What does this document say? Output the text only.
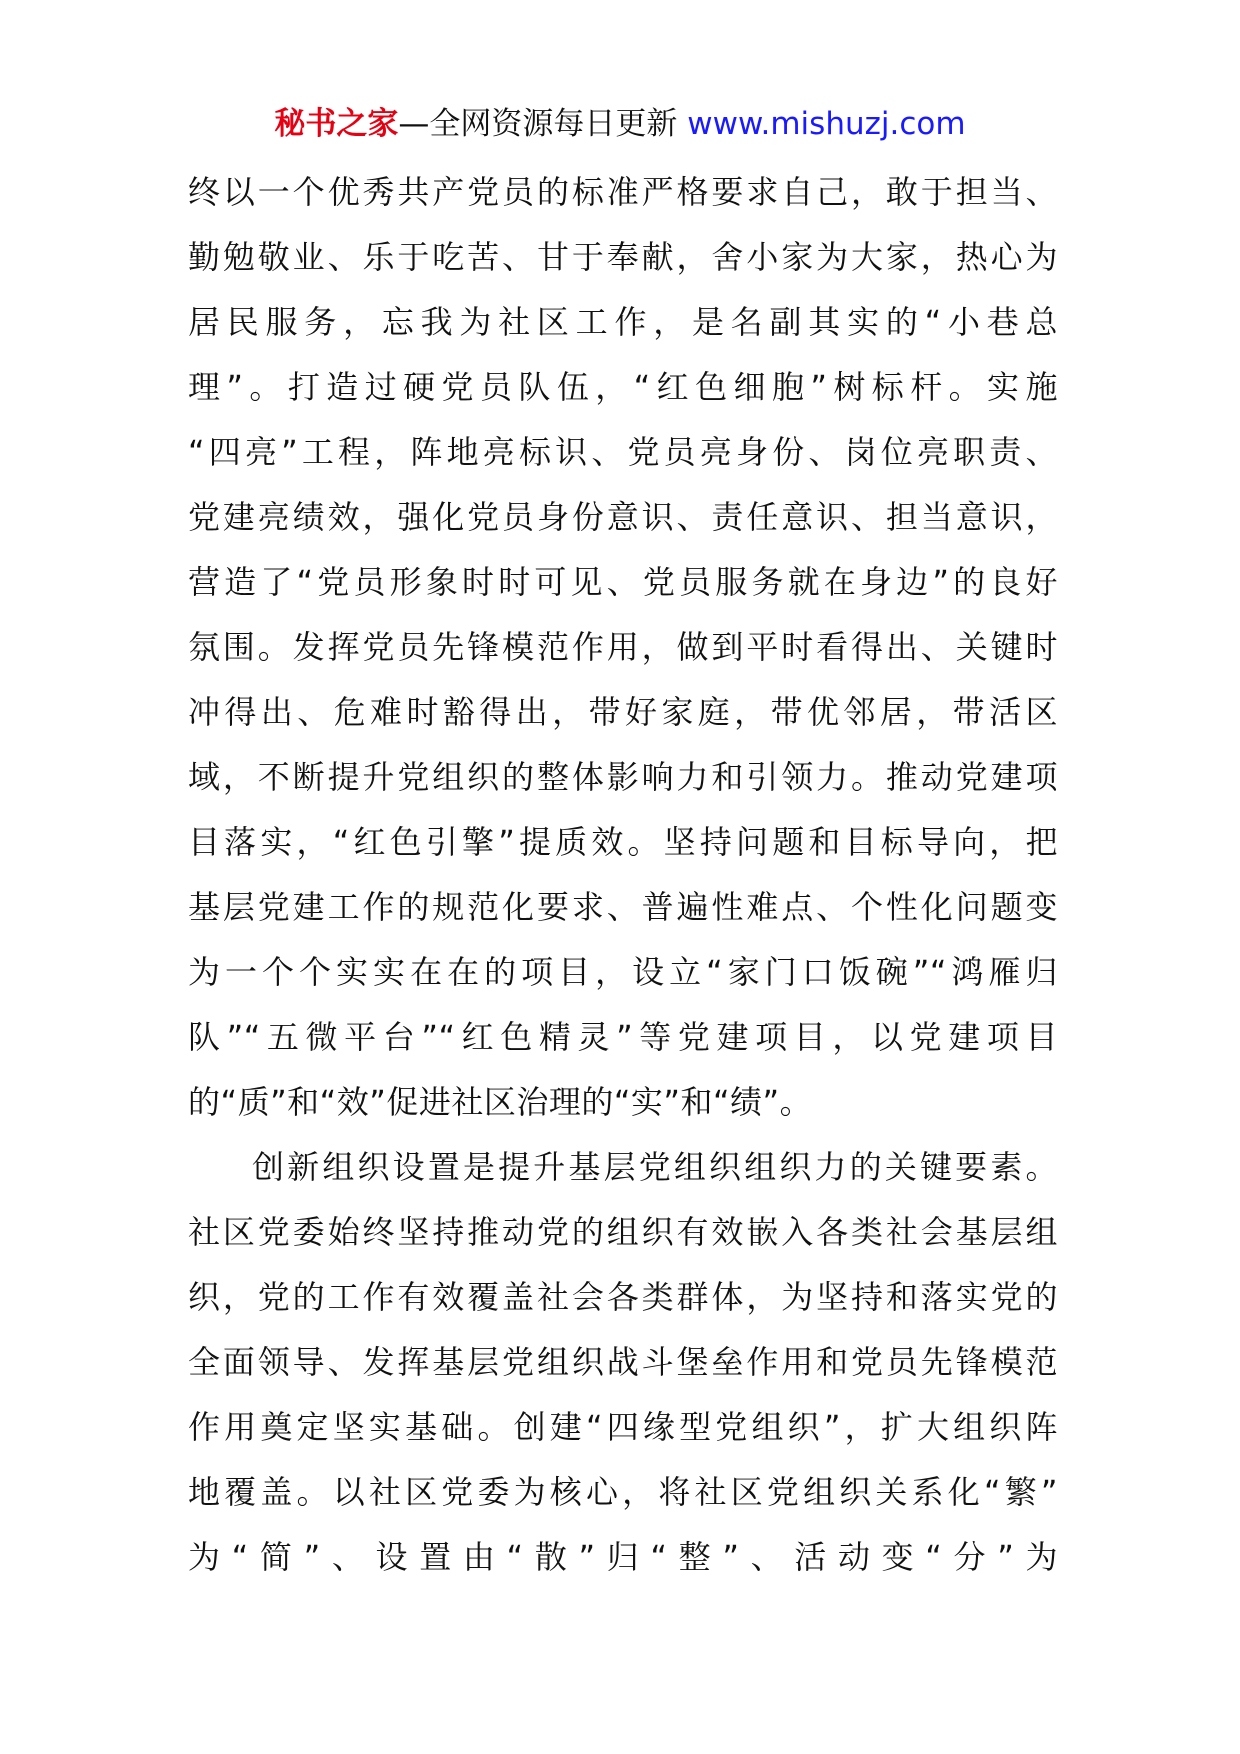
秘书之家—全网资源每日更新 www.mishuzj.com
终以一个优秀共产党员的标准严格要求自己，敢于担当、
勤勉敬业、乐于吃苦、甘于奉献，舍小家为大家，热心为
居民服务，忘我为社区工作，是名副其实的“小巷总
理”。打造过硬党员队伍，“红色细胞”树标杆。实施
“四亮”工程，阵地亮标识、党员亮身份、岗位亮职责、
党建亮绩效，强化党员身份意识、责任意识、担当意识，
营造了“党员形象时时可见、党员服务就在身边”的良好
氛围。发挥党员先锋模范作用，做到平时看得出、关键时
冲得出、危难时豁得出，带好家庭，带优邻居，带活区
域，不断提升党组织的整体影响力和引领力。推动党建项
目落实，“红色引擎”提质效。坚持问题和目标导向，把
基层党建工作的规范化要求、普遍性难点、个性化问题变
为一个个实实在在的项目，设立“家门口饭碗”“鸿雁归
队”“五微平台”“红色精灵”等党建项目，以党建项目
的“质”和“效”促进社区治理的“实”和“绩”。
创新组织设置是提升基层党组织组织力的关键要素。
社区党委始终坚持推动党的组织有效嵌入各类社会基层组
织，党的工作有效覆盖社会各类群体，为坚持和落实党的
全面领导、发挥基层党组织战斗堡垒作用和党员先锋模范
作用奠定坚实基础。创建“四缘型党组织”，扩大组织阵
地覆盖。以社区党委为核心，将社区党组织关系化“繁”
为“简”、设置由“散”归“整”、活动变“分”为
